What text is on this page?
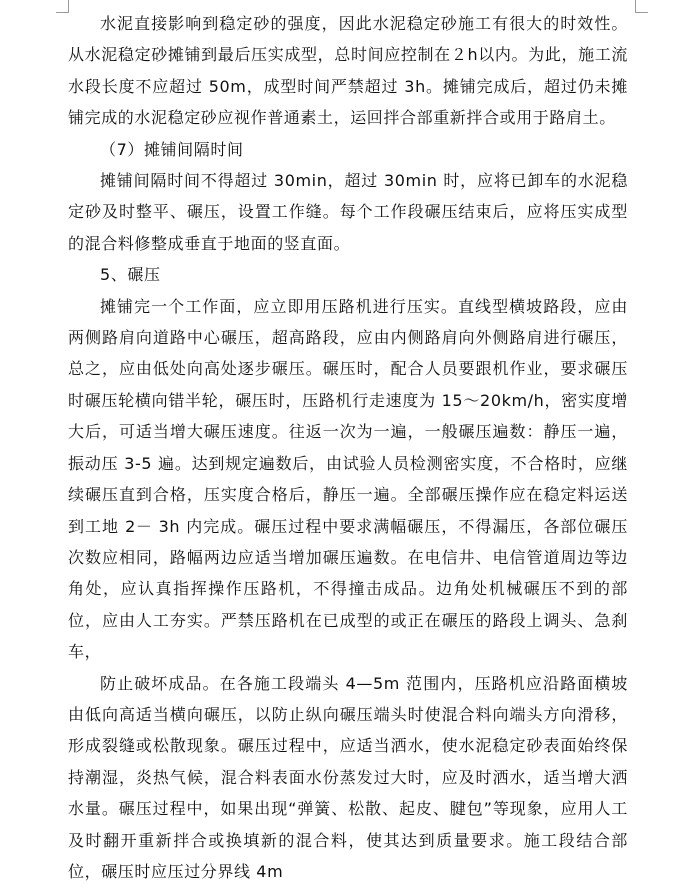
水泥直接影响到稳定砂的强度，因此水泥稳定砂施工有很大的时效性。从水泥稳定砂摊铺到最后压实成型，总时间应控制在２h以内。为此，施工流水段长度不应超过 50m，成型时间严禁超过 3h。摊铺完成后，超过仍未摊铺完成的水泥稳定砂应视作普通素土，运回拌合部重新拌合或用于路肩土。

（7）摊铺间隔时间

摊铺间隔时间不得超过 30min，超过 30min 时，应将已卸车的水泥稳定砂及时整平、碾压，设置工作缝。每个工作段碾压结束后，应将压实成型的混合料修整成垂直于地面的竖直面。

5、碾压

摊铺完一个工作面，应立即用压路机进行压实。直线型横坡路段，应由两侧路肩向道路中心碾压，超高路段，应由内侧路肩向外侧路肩进行碾压，总之，应由低处向高处逐步碾压。碾压时，配合人员要跟机作业，要求碾压时碾压轮横向错半轮，碾压时，压路机行走速度为 15～20km/h，密实度增大后，可适当增大碾压速度。往返一次为一遍，一般碾压遍数：静压一遍，振动压 3-5 遍。达到规定遍数后，由试验人员检测密实度，不合格时，应继续碾压直到合格，压实度合格后，静压一遍。全部碾压操作应在稳定料运送到工地 2－ 3h 内完成。碾压过程中要求满幅碾压，不得漏压，各部位碾压次数应相同，路幅两边应适当增加碾压遍数。在电信井、电信管道周边等边角处，应认真指挥操作压路机，不得撞击成品。边角处机械碾压不到的部位，应由人工夯实。严禁压路机在已成型的或正在碾压的路段上调头、急刹车，

防止破坏成品。在各施工段端头 4—5m 范围内，压路机应沿路面横坡由低向高适当横向碾压，以防止纵向碾压端头时使混合料向端头方向滑移，形成裂缝或松散现象。碾压过程中，应适当洒水，使水泥稳定砂表面始终保持潮湿，炎热气候，混合料表面水份蒸发过大时，应及时洒水，适当增大洒水量。碾压过程中，如果出现“弹簧、松散、起皮、腱包”等现象，应用人工及时翻开重新拌合或换填新的混合料，使其达到质量要求。施工段结合部位，碾压时应压过分界线 4m
